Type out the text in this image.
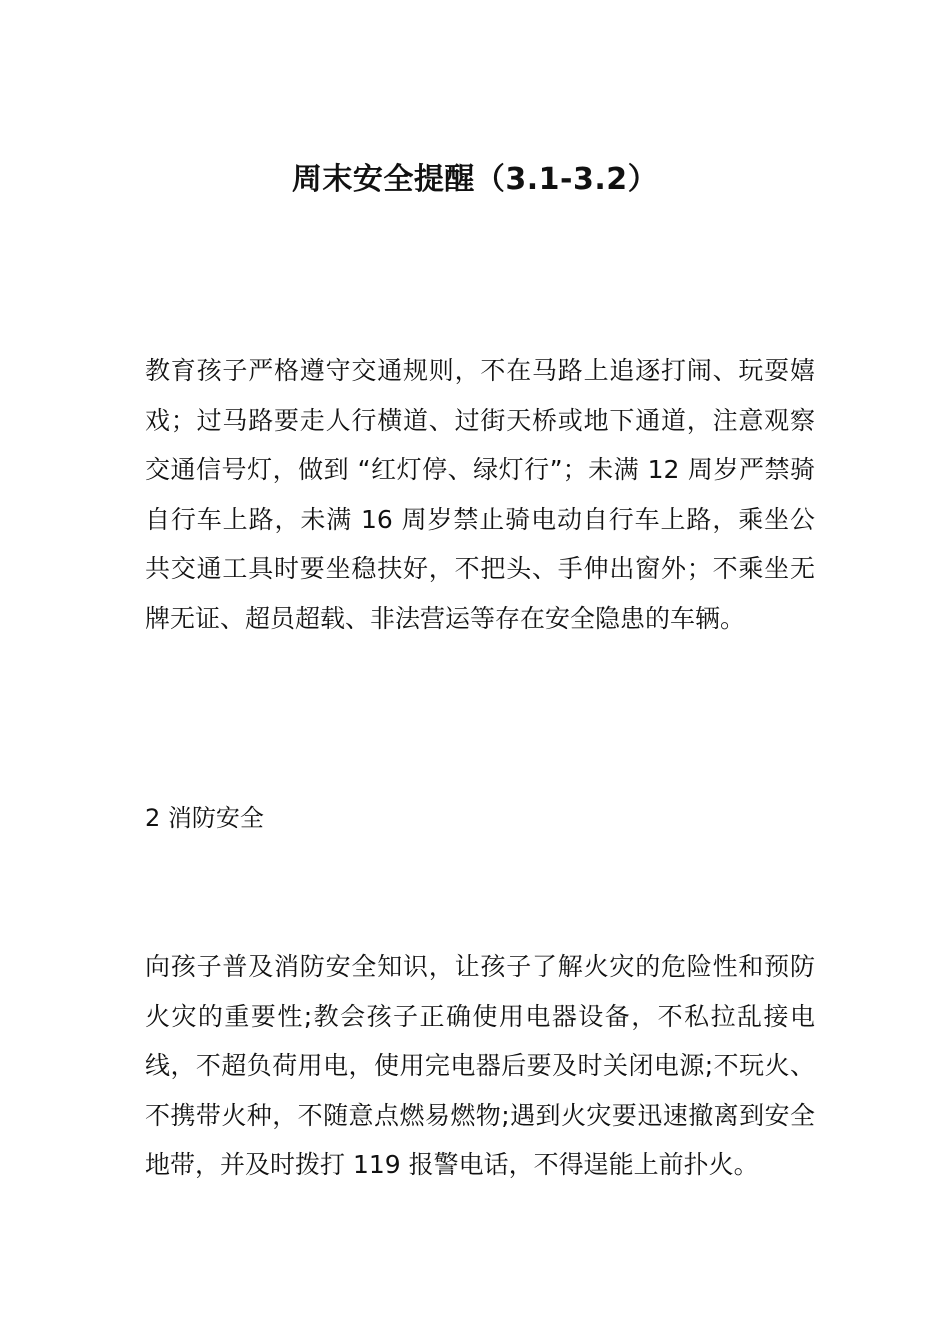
周末安全提醒（3.1-3.2）

教育孩子严格遵守交通规则，不在马路上追逐打闹、玩耍嬉戏；过马路要走人行横道、过街天桥或地下通道，注意观察交通信号灯，做到 “红灯停、绿灯行”；未满 12 周岁严禁骑自行车上路，未满 16 周岁禁止骑电动自行车上路，乘坐公共交通工具时要坐稳扶好，不把头、手伸出窗外；不乘坐无牌无证、超员超载、非法营运等存在安全隐患的车辆。

2 消防安全

向孩子普及消防安全知识，让孩子了解火灾的危险性和预防火灾的重要性;教会孩子正确使用电器设备，不私拉乱接电线，不超负荷用电，使用完电器后要及时关闭电源;不玩火、不携带火种，不随意点燃易燃物;遇到火灾要迅速撤离到安全地带，并及时拨打 119 报警电话，不得逞能上前扑火。
